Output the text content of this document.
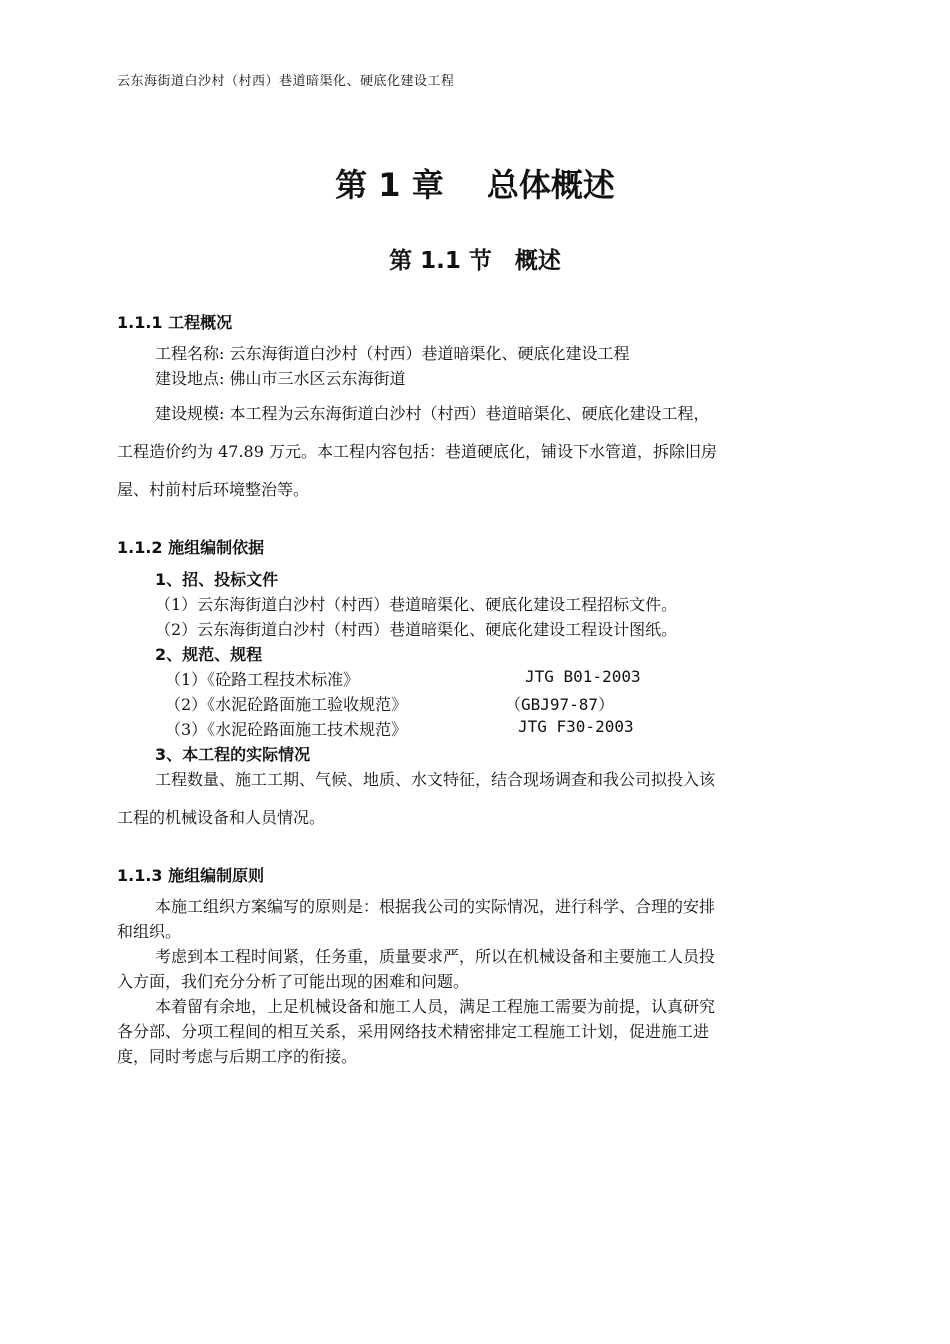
云东海街道白沙村（村西）巷道暗渠化、硬底化建设工程
第 1 章　 总体概述
第 1.1 节　概述
1.1.1 工程概况
工程名称: 云东海街道白沙村（村西）巷道暗渠化、硬底化建设工程
建设地点: 佛山市三水区云东海街道
建设规模: 本工程为云东海街道白沙村（村西）巷道暗渠化、硬底化建设工程，
工程造价约为 47.89 万元。本工程内容包括：巷道硬底化，铺设下水管道，拆除旧房
屋、村前村后环境整治等。
1.1.2 施组编制依据
1、招、投标文件
（1）云东海街道白沙村（村西）巷道暗渠化、硬底化建设工程招标文件。
（2）云东海街道白沙村（村西）巷道暗渠化、硬底化建设工程设计图纸。
2、规范、规程
（1）《砼路工程技术标准》	JTG B01-2003
（2）《水泥砼路面施工验收规范》	（GBJ97-87）
（3）《水泥砼路面施工技术规范》	JTG F30-2003
3、本工程的实际情况
工程数量、施工工期、气候、地质、水文特征，结合现场调查和我公司拟投入该
工程的机械设备和人员情况。
1.1.3 施组编制原则
本施工组织方案编写的原则是：根据我公司的实际情况，进行科学、合理的安排
和组织。
考虑到本工程时间紧，任务重，质量要求严，所以在机械设备和主要施工人员投
入方面，我们充分分析了可能出现的困难和问题。
本着留有余地，上足机械设备和施工人员，满足工程施工需要为前提，认真研究
各分部、分项工程间的相互关系，采用网络技术精密排定工程施工计划，促进施工进
度，同时考虑与后期工序的衔接。
